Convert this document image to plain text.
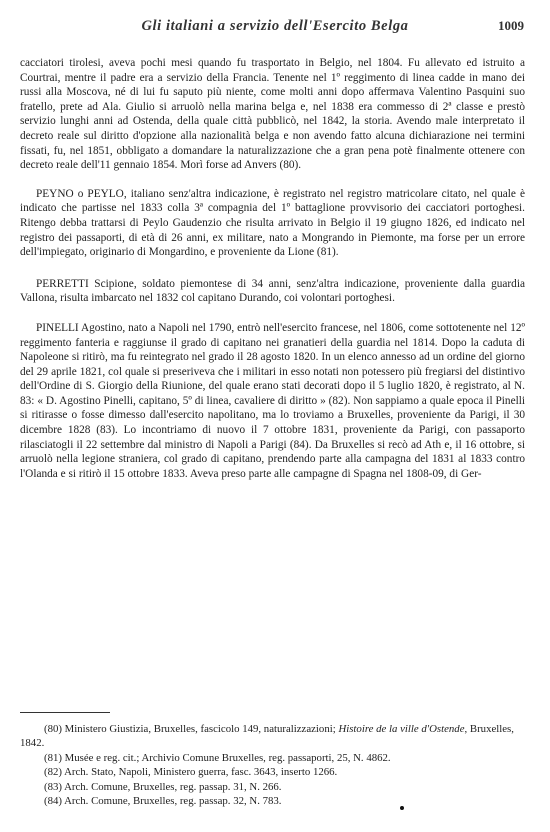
Gli italiani a servizio dell'Esercito Belga	1009

cacciatori tirolesi, aveva pochi mesi quando fu trasportato in Belgio, nel 1804. Fu allevato ed istruito a Courtrai, mentre il padre era a servizio della Francia. Tenente nel 1º reggimento di linea cadde in mano dei russi alla Moscova, né di lui fu saputo più niente, come molti anni dopo affermava Valentino Pasquini suo fratello, prete ad Ala. Giulio si arruolò nella marina belga e, nel 1838 era commesso di 2ª classe e prestò servizio lunghi anni ad Ostenda, della quale città pubblicò, nel 1842, la storia. Avendo male interpretato il decreto reale sul diritto d'opzione alla nazionalità belga e non avendo fatto alcuna dichiarazione nei termini fissati, fu, nel 1851, obbligato a domandare la naturalizzazione che a gran pena potè finalmente ottenere con decreto reale dell'11 gennaio 1854. Morì forse ad Anvers (80).

PEYNO o PEYLO, italiano senz'altra indicazione, è registrato nel registro matricolare citato, nel quale è indicato che partisse nel 1833 colla 3ª compagnia del 1º battaglione provvisorio dei cacciatori portoghesi. Ritengo debba trattarsi di Peylo Gaudenzio che risulta arrivato in Belgio il 19 giugno 1826, ed indicato nel registro dei passaporti, di età di 26 anni, ex militare, nato a Mongrando in Piemonte, ma forse per un errore dell'impiegato, originario di Mongardino, e proveniente da Lione (81).

PERRETTI Scipione, soldato piemontese di 34 anni, senz'altra indicazione, proveniente dalla guardia Vallona, risulta imbarcato nel 1832 col capitano Durando, coi volontari portoghesi.

PINELLI Agostino, nato a Napoli nel 1790, entrò nell'esercito francese, nel 1806, come sottotenente nel 12º reggimento fanteria e raggiunse il grado di capitano nei granatieri della guardia nel 1814. Dopo la caduta di Napoleone si ritirò, ma fu reintegrato nel grado il 28 agosto 1820. In un elenco annesso ad un ordine del giorno del 29 aprile 1821, col quale si preseriveva che i militari in esso notati non potessero più fregiarsi del distintivo dell'Ordine di S. Giorgio della Riunione, del quale erano stati decorati dopo il 5 luglio 1820, è registrato, al N. 83: « D. Agostino Pinelli, capitano, 5º di linea, cavaliere di diritto » (82). Non sappiamo a quale epoca il Pinelli si ritirasse o fosse dimesso dall'esercito napolitano, ma lo troviamo a Bruxelles, proveniente da Parigi, il 30 dicembre 1828 (83). Lo incontriamo di nuovo il 7 ottobre 1831, proveniente da Parigi, con passaporto rilasciatogli il 22 settembre dal ministro di Napoli a Parigi (84). Da Bruxelles si recò ad Ath e, il 16 ottobre, si arruolò nella legione straniera, col grado di capitano, prendendo parte alla campagna del 1831 al 1833 contro l'Olanda e si ritirò il 15 ottobre 1833. Aveva preso parte alle campagne di Spagna nel 1808-09, di Ger-

(80) Ministero Giustizia, Bruxelles, fascicolo 149, naturalizzazioni; Histoire de la ville d'Ostende, Bruxelles, 1842.

(81) Musée e reg. cit.; Archivio Comune Bruxelles, reg. passaporti, 25, N. 4862.

(82) Arch. Stato, Napoli, Ministero guerra, fasc. 3643, inserto 1266.

(83) Arch. Comune, Bruxelles, reg. passap. 31, N. 266.

(84) Arch. Comune, Bruxelles, reg. passap. 32, N. 783.
